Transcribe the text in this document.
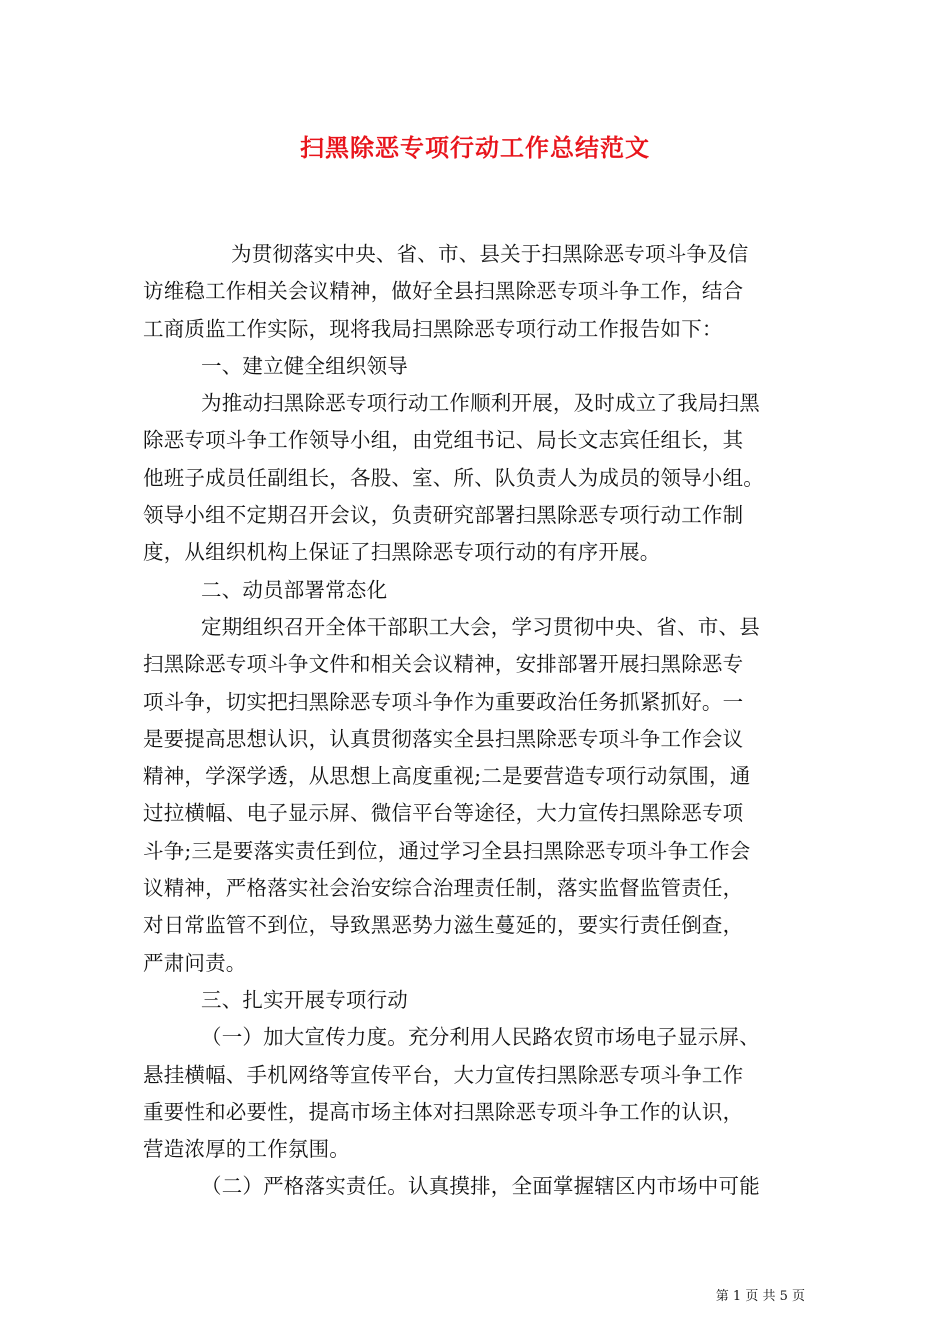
扫黑除恶专项行动工作总结范文
为贯彻落实中央、省、市、县关于扫黑除恶专项斗争及信
访维稳工作相关会议精神，做好全县扫黑除恶专项斗争工作，结合
工商质监工作实际，现将我局扫黑除恶专项行动工作报告如下：
一、建立健全组织领导
为推动扫黑除恶专项行动工作顺利开展，及时成立了我局扫黑
除恶专项斗争工作领导小组，由党组书记、局长文志宾任组长，其
他班子成员任副组长，各股、室、所、队负责人为成员的领导小组。
领导小组不定期召开会议，负责研究部署扫黑除恶专项行动工作制
度，从组织机构上保证了扫黑除恶专项行动的有序开展。
二、动员部署常态化
定期组织召开全体干部职工大会，学习贯彻中央、省、市、县
扫黑除恶专项斗争文件和相关会议精神，安排部署开展扫黑除恶专
项斗争，切实把扫黑除恶专项斗争作为重要政治任务抓紧抓好。一
是要提高思想认识，认真贯彻落实全县扫黑除恶专项斗争工作会议
精神，学深学透，从思想上高度重视;二是要营造专项行动氛围，通
过拉横幅、电子显示屏、微信平台等途径，大力宣传扫黑除恶专项
斗争;三是要落实责任到位，通过学习全县扫黑除恶专项斗争工作会
议精神，严格落实社会治安综合治理责任制，落实监督监管责任，
对日常监管不到位，导致黑恶势力滋生蔓延的，要实行责任倒查，
严肃问责。
三、扎实开展专项行动
（一）加大宣传力度。充分利用人民路农贸市场电子显示屏、
悬挂横幅、手机网络等宣传平台，大力宣传扫黑除恶专项斗争工作
重要性和必要性，提高市场主体对扫黑除恶专项斗争工作的认识，
营造浓厚的工作氛围。
（二）严格落实责任。认真摸排，全面掌握辖区内市场中可能
第 1 页 共 5 页
